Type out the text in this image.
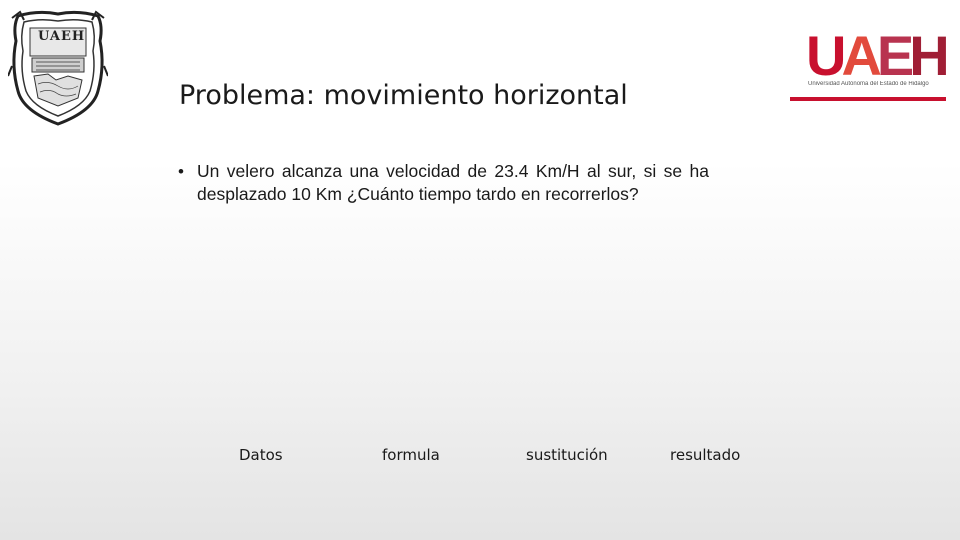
UAEH	UAEH
Universidad Autónoma del Estado de Hidalgo
Problema: movimiento horizontal
• Un velero alcanza una velocidad de 23.4 Km/H al sur, si se ha desplazado 10 Km ¿Cuánto tiempo tardo en recorrerlos?
Datos	formula	sustitución	resultado
